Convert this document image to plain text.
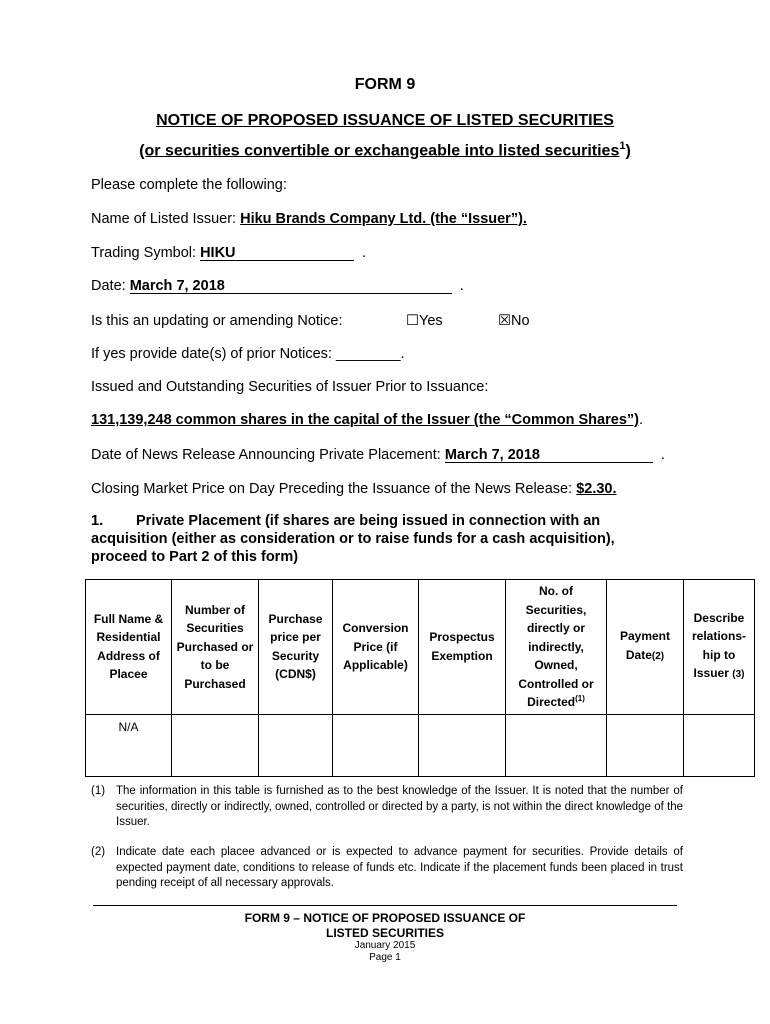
FORM 9
NOTICE OF PROPOSED ISSUANCE OF LISTED SECURITIES
(or securities convertible or exchangeable into listed securities$^1$)
Please complete the following:
Name of Listed Issuer: Hiku Brands Company Ltd. (the “Issuer”).
Trading Symbol: HIKU	.
Date: March 7, 2018	.
Is this an updating or amending Notice:	☐Yes	☒No
If yes provide date(s) of prior Notices: ________.
Issued and Outstanding Securities of Issuer Prior to Issuance:
131,139,248 common shares in the capital of the Issuer (the “Common Shares”).
Date of News Release Announcing Private Placement: March 7, 2018	.
Closing Market Price on Day Preceding the Issuance of the News Release: $2.30.
1. Private Placement (if shares are being issued in connection with an
acquisition (either as consideration or to raise funds for a cash acquisition),
proceed to Part 2 of this form)
Full Name & Residential Address of Placee	Number of Securities Purchased or to be Purchased	Purchase price per Security (CDN$)	Conversion Price (if Applicable)	Prospectus Exemption	No. of Securities, directly or indirectly, Owned, Controlled or Directed$^{(1)}$	Payment Date(2)	Describe relations-hip to Issuer (3)
N/A							
(1) The information in this table is furnished as to the best knowledge of the Issuer. It is noted that the number of securities, directly or indirectly, owned, controlled or directed by a party, is not within the direct knowledge of the Issuer.
(2) Indicate date each placee advanced or is expected to advance payment for securities. Provide details of expected payment date, conditions to release of funds etc. Indicate if the placement funds been placed in trust pending receipt of all necessary approvals.
FORM 9 – NOTICE OF PROPOSED ISSUANCE OF
LISTED SECURITIES
January 2015
Page 1
